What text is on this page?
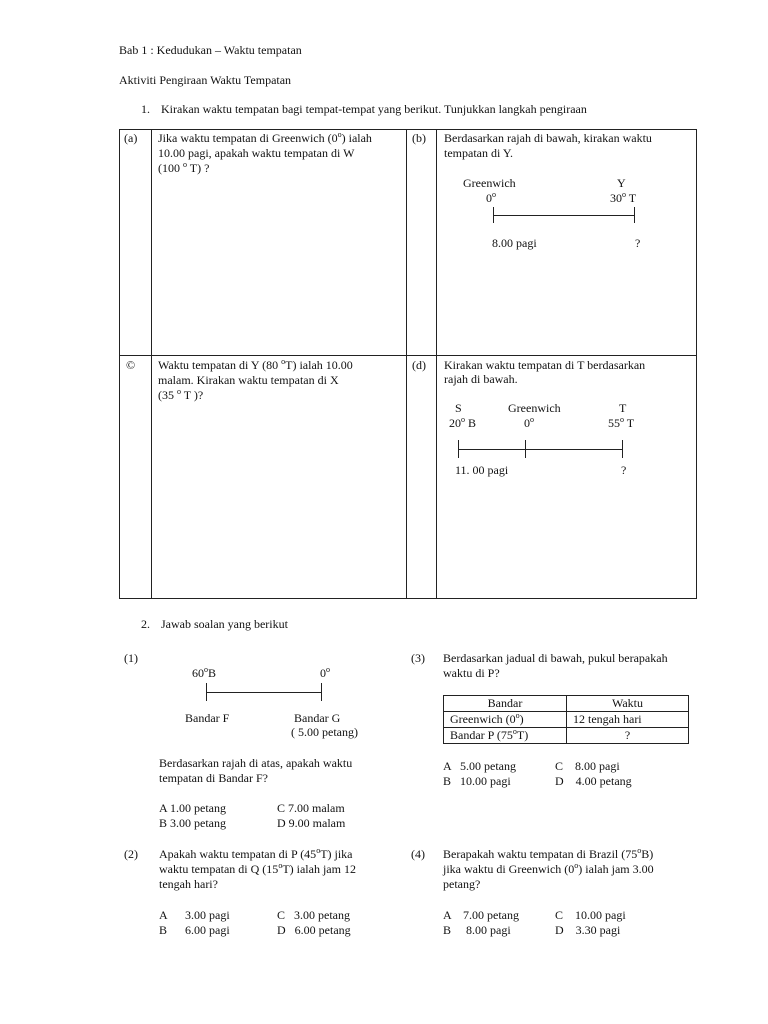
Bab 1 : Kedudukan – Waktu tempatan
Aktiviti Pengiraan Waktu Tempatan
1. Kirakan waktu tempatan bagi tempat-tempat yang berikut. Tunjukkan langkah pengiraan

(a) Jika waktu tempatan di Greenwich (0$^o$) ialah
10.00 pagi, apakah waktu tempatan di W
(100 $^o$ T) ?
(b) Berdasarkan rajah di bawah, kirakan waktu
tempatan di Y.
Greenwich	Y
0$^o$	30$^o$ T
8.00 pagi	?
© Waktu tempatan di Y (80 $^o$T) ialah 10.00
malam. Kirakan waktu tempatan di X
(35 $^o$ T )?
(d) Kirakan waktu tempatan di T berdasarkan
rajah di bawah.
S	Greenwich	T
20$^o$ B	0$^o$	55$^o$ T
11. 00 pagi	?
2. Jawab soalan yang berikut
(1)
60$^o$B	0$^o$
Bandar F	Bandar G
( 5.00 petang)
Berdasarkan rajah di atas, apakah waktu
tempatan di Bandar F?
A 1.00 petang
B 3.00 petang
C 7.00 malam
D 9.00 malam
(2) Apakah waktu tempatan di P (45$^o$T) jika
waktu tempatan di Q (15$^o$T) ialah jam 12
tengah hari?
A      3.00 pagi
B      6.00 pagi
C   3.00 petang
D   6.00 petang
(3) Berdasarkan jadual di bawah, pukul berapakah
waktu di P?
Bandar	Waktu
Greenwich (0$^o$)	12 tengah hari
Bandar P (75$^o$T)	?
A   5.00 petang
B   10.00 pagi
C    8.00 pagi
D    4.00 petang
(4) Berapakah waktu tempatan di Brazil (75$^o$B)
jika waktu di Greenwich (0$^o$) ialah jam 3.00
petang?
A    7.00 petang
B     8.00 pagi
C    10.00 pagi
D    3.30 pagi
